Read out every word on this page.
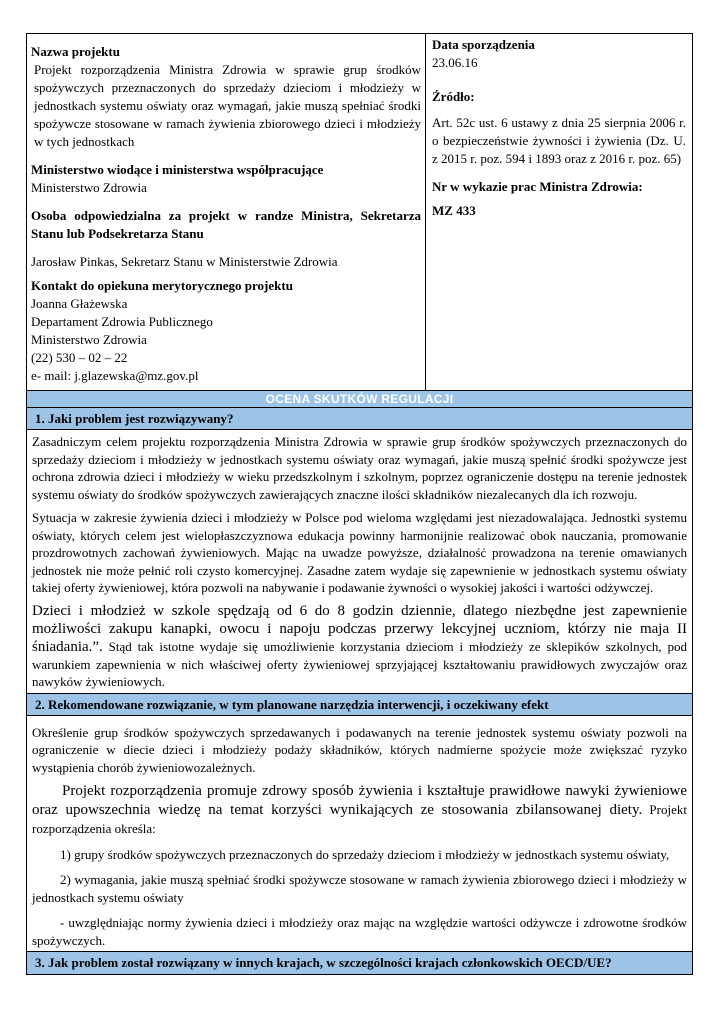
Nazwa projektu

Projekt rozporządzenia Ministra Zdrowia w sprawie grup środków spożywczych przeznaczonych do sprzedaży dzieciom i młodzieży w jednostkach systemu oświaty oraz wymagań, jakie muszą spełniać środki spożywcze stosowane w ramach żywienia zbiorowego dzieci i młodzieży w tych jednostkach

Ministerstwo wiodące i ministerstwa współpracujące

Ministerstwo Zdrowia

Osoba odpowiedzialna za projekt w randze Ministra, Sekretarza Stanu lub Podsekretarza Stanu

Jarosław Pinkas, Sekretarz Stanu w Ministerstwie Zdrowia

Kontakt do opiekuna merytorycznego projektu

Joanna Głażewska

Departament Zdrowia Publicznego

Ministerstwo Zdrowia

(22) 530 – 02 – 22

e- mail: j.glazewska@mz.gov.pl

Data sporządzenia

23.06.16

Źródło:

Art. 52c ust. 6 ustawy z dnia 25 sierpnia 2006 r. o bezpieczeństwie żywności i żywienia (Dz. U. z 2015 r. poz. 594 i 1893 oraz z 2016 r. poz. 65)

Nr w wykazie prac Ministra Zdrowia:

MZ 433

OCENA SKUTKÓW REGULACJI
1. Jaki problem jest rozwiązywany?

Zasadniczym celem projektu rozporządzenia Ministra Zdrowia w sprawie grup środków spożywczych przeznaczonych do sprzedaży dzieciom i młodzieży w jednostkach systemu oświaty oraz wymagań, jakie muszą spełnić środki spożywcze jest ochrona zdrowia dzieci i młodzieży w wieku przedszkolnym i szkolnym, poprzez ograniczenie dostępu na terenie jednostek systemu oświaty do środków spożywczych zawierających znaczne ilości składników niezalecanych dla ich rozwoju.

Sytuacja w zakresie żywienia dzieci i młodzieży w Polsce pod wieloma względami jest niezadowalająca. Jednostki systemu oświaty, których celem jest wielopłaszczyznowa edukacja powinny harmonijnie realizować obok nauczania, promowanie prozdrowotnych zachowań żywieniowych. Mając na uwadze powyższe, działalność prowadzona na terenie omawianych jednostek nie może pełnić roli czysto komercyjnej. Zasadne zatem wydaje się zapewnienie w jednostkach systemu oświaty takiej oferty żywieniowej, która pozwoli na nabywanie i podawanie żywności o wysokiej jakości i wartości odżywczej.

Dzieci i młodzież w szkole spędzają od 6 do 8 godzin dziennie, dlatego niezbędne jest zapewnienie możliwości zakupu kanapki, owocu i napoju podczas przerwy lekcyjnej uczniom, którzy nie maja II śniadania.”. Stąd tak istotne wydaje się umożliwienie korzystania dzieciom i młodzieży ze sklepików szkolnych, pod warunkiem zapewnienia w nich właściwej oferty żywieniowej sprzyjającej kształtowaniu prawidłowych zwyczajów oraz nawyków żywieniowych.

2. Rekomendowane rozwiązanie, w tym planowane narzędzia interwencji, i oczekiwany efekt

Określenie grup środków spożywczych sprzedawanych i podawanych na terenie jednostek systemu oświaty pozwoli na ograniczenie w diecie dzieci i młodzieży podaży składników, których nadmierne spożycie może zwiększać ryzyko wystąpienia chorób żywieniowozależnych.

Projekt rozporządzenia promuje zdrowy sposób żywienia i kształtuje prawidłowe nawyki żywieniowe oraz upowszechnia wiedzę na temat korzyści wynikających ze stosowania zbilansowanej diety. Projekt rozporządzenia określa:

1) grupy środków spożywczych przeznaczonych do sprzedaży dzieciom i młodzieży w jednostkach systemu oświaty,

2) wymagania, jakie muszą spełniać środki spożywcze stosowane w ramach żywienia zbiorowego dzieci i młodzieży w jednostkach systemu oświaty

- uwzględniając normy żywienia dzieci i młodzieży oraz mając na względzie wartości odżywcze i zdrowotne środków spożywczych.

3. Jak problem został rozwiązany w innych krajach, w szczególności krajach członkowskich OECD/UE?
